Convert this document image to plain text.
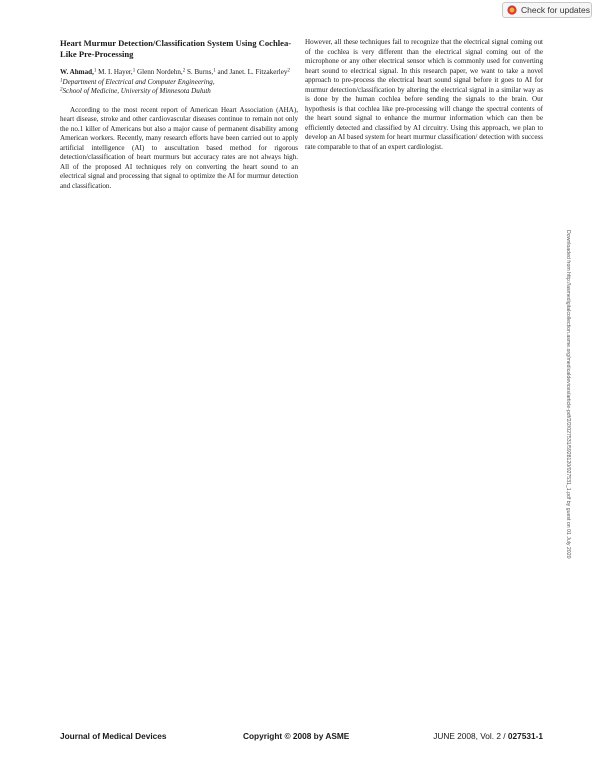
Check for updates

Heart Murmur Detection/Classification System Using Cochlea-Like Pre-Processing

W. Ahmad,$^1$ M. I. Hayer,$^1$ Glenn Nordehn,$^2$ S. Burns,$^1$ and Janet. L. Fitzakerley$^2$

$^1$Department of Electrical and Computer Engineering,

$^2$School of Medicine, University of Minnesota Duluth

According to the most recent report of American Heart Association (AHA), heart disease, stroke and other cardiovascular diseases continue to remain not only the no.1 killer of Americans but also a major cause of permanent disability among American workers. Recently, many research efforts have been carried out to apply artificial intelligence (AI) to auscultation based method for rigorous detection/classification of heart murmurs but accuracy rates are not always high. All of the proposed AI techniques rely on converting the heart sound to an electrical signal and processing that signal to optimize the AI for murmur detection and classification.

However, all these techniques fail to recognize that the electrical signal coming out of the cochlea is very different than the electrical signal coming out of the microphone or any other electrical sensor which is commonly used for converting heart sound to electrical signal. In this research paper, we want to take a novel approach to pre-process the electrical heart sound signal before it goes to AI for murmur detection/classification by altering the electrical signal in a similar way as is done by the human cochlea before sending the signals to the brain. Our hypothesis is that cochlea like pre-processing will change the spectral contents of the heart sound signal to enhance the murmur information which can then be efficiently detected and classified by AI circuitry. Using this approach, we plan to develop an AI based system for heart murmur classification/ detection with success rate comparable to that of an expert cardiologist.

Downloaded from http://asmedigitalcollection.asme.org/medicaldevices/article-pdf/2/2/027531/5928120/027531_1.pdf by guest on 01 July 2020
Journal of Medical Devices	Copyright © 2008 by ASME	JUNE 2008, Vol. 2 / 027531-1
